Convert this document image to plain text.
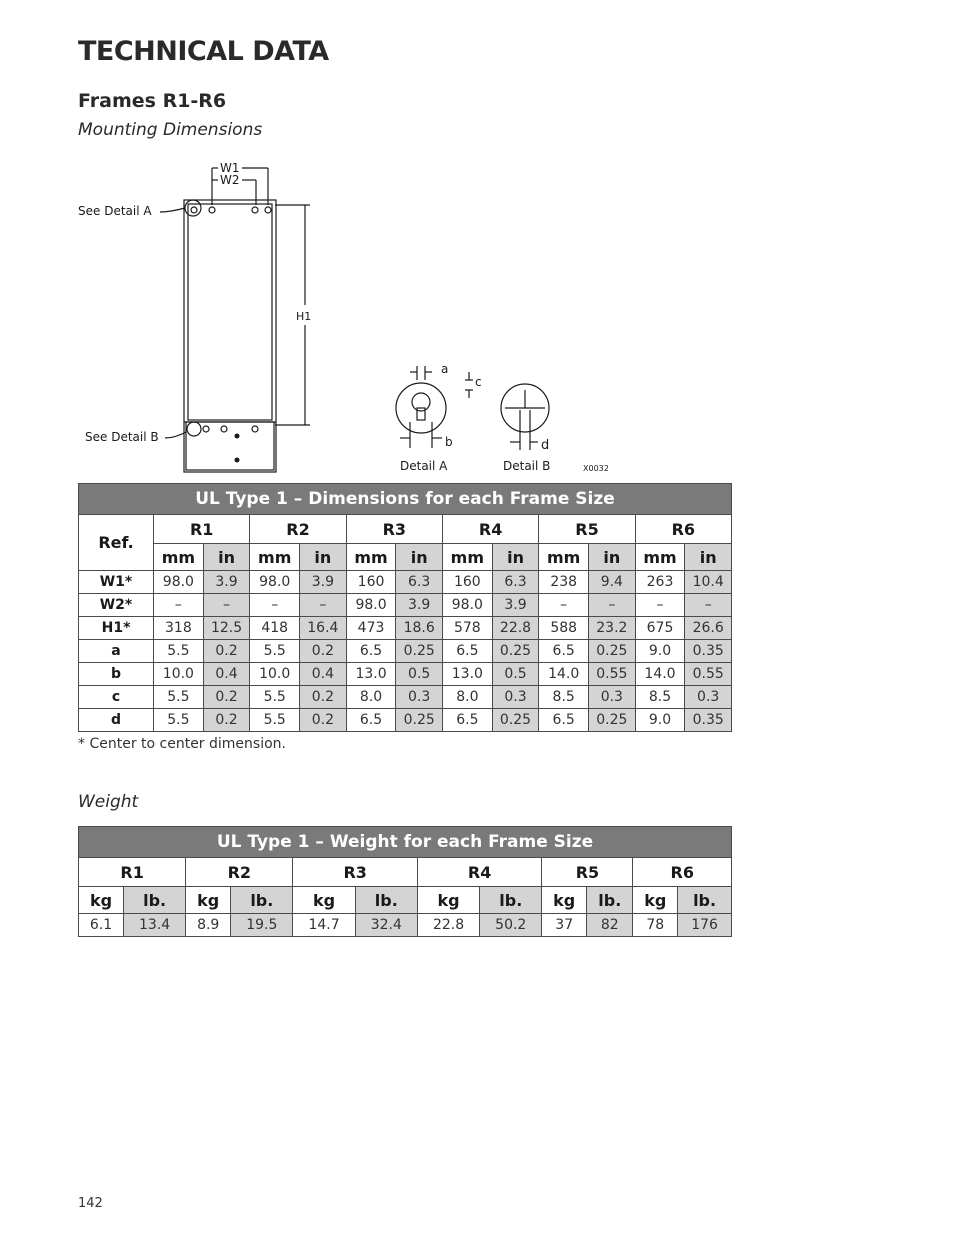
TECHNICAL DATA
Frames R1-R6
Mounting Dimensions
W1
W2
H1
See Detail A
See Detail B
a
b
c
d
Detail A	Detail B	X0032
UL Type 1 – Dimensions for each Frame Size												
Ref.	R1		R2		R3		R4		R5		R6	
	mm	in	mm	in	mm	in	mm	in	mm	in	mm	in
W1*	98.0	3.9	98.0	3.9	160	6.3	160	6.3	238	9.4	263	10.4
W2*	–	–	–	–	98.0	3.9	98.0	3.9	–	–	–	–
H1*	318	12.5	418	16.4	473	18.6	578	22.8	588	23.2	675	26.6
a	5.5	0.2	5.5	0.2	6.5	0.25	6.5	0.25	6.5	0.25	9.0	0.35
b	10.0	0.4	10.0	0.4	13.0	0.5	13.0	0.5	14.0	0.55	14.0	0.55
c	5.5	0.2	5.5	0.2	8.0	0.3	8.0	0.3	8.5	0.3	8.5	0.3
d	5.5	0.2	5.5	0.2	6.5	0.25	6.5	0.25	6.5	0.25	9.0	0.35
* Center to center dimension.
Weight
UL Type 1 – Weight for each Frame Size											
R1		R2		R3		R4		R5		R6	
kg	lb.	kg	lb.	kg	lb.	kg	lb.	kg	lb.	kg	lb.
6.1	13.4	8.9	19.5	14.7	32.4	22.8	50.2	37	82	78	176
142
